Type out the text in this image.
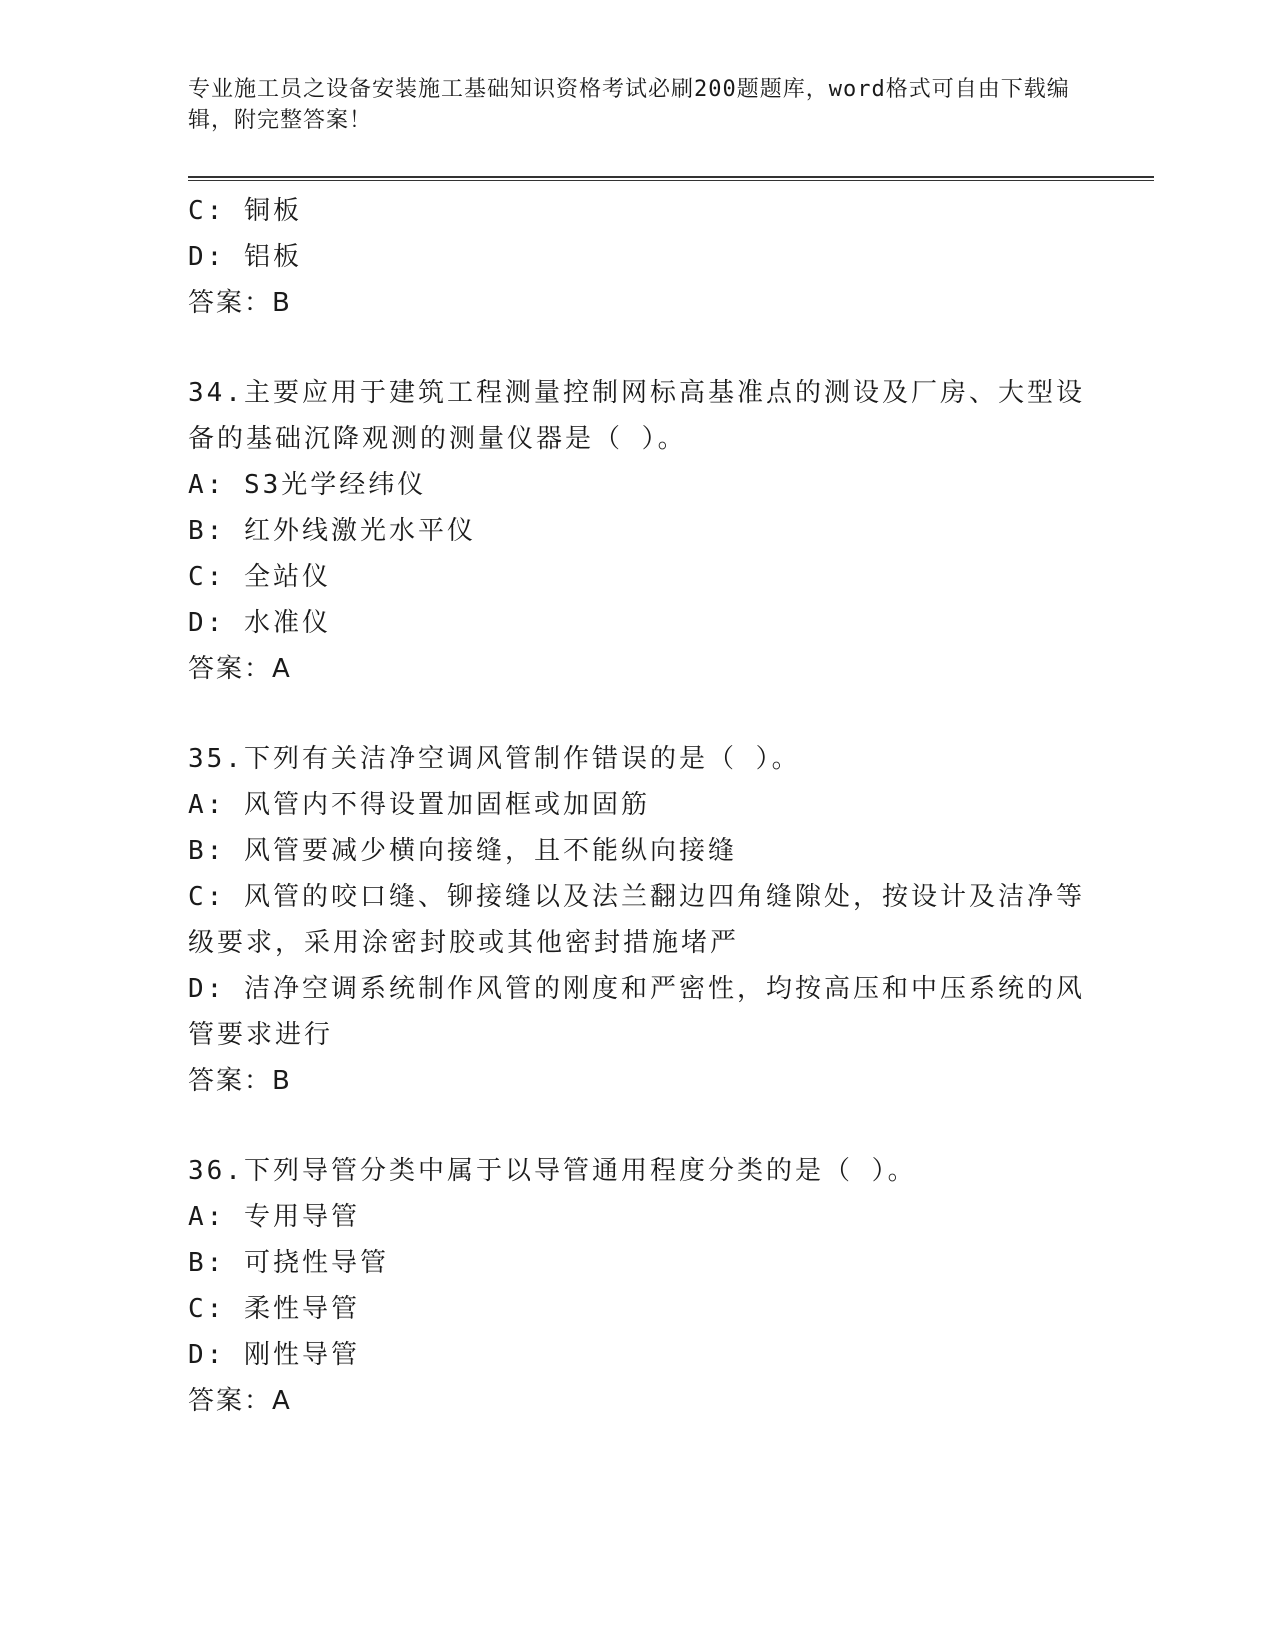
专业施工员之设备安装施工基础知识资格考试必刷200题题库，word格式可自由下载编辑，附完整答案！

C: 铜板

D: 铝板

答案：B

34.主要应用于建筑工程测量控制网标高基准点的测设及厂房、大型设备的基础沉降观测的测量仪器是（ ）。

A: S3光学经纬仪

B: 红外线激光水平仪

C: 全站仪

D: 水准仪

答案：A

35.下列有关洁净空调风管制作错误的是（ ）。

A: 风管内不得设置加固框或加固筋

B: 风管要减少横向接缝，且不能纵向接缝

C: 风管的咬口缝、铆接缝以及法兰翻边四角缝隙处，按设计及洁净等级要求，采用涂密封胶或其他密封措施堵严

D: 洁净空调系统制作风管的刚度和严密性，均按高压和中压系统的风管要求进行

答案：B

36.下列导管分类中属于以导管通用程度分类的是（ ）。

A: 专用导管

B: 可挠性导管

C: 柔性导管

D: 刚性导管

答案：A
